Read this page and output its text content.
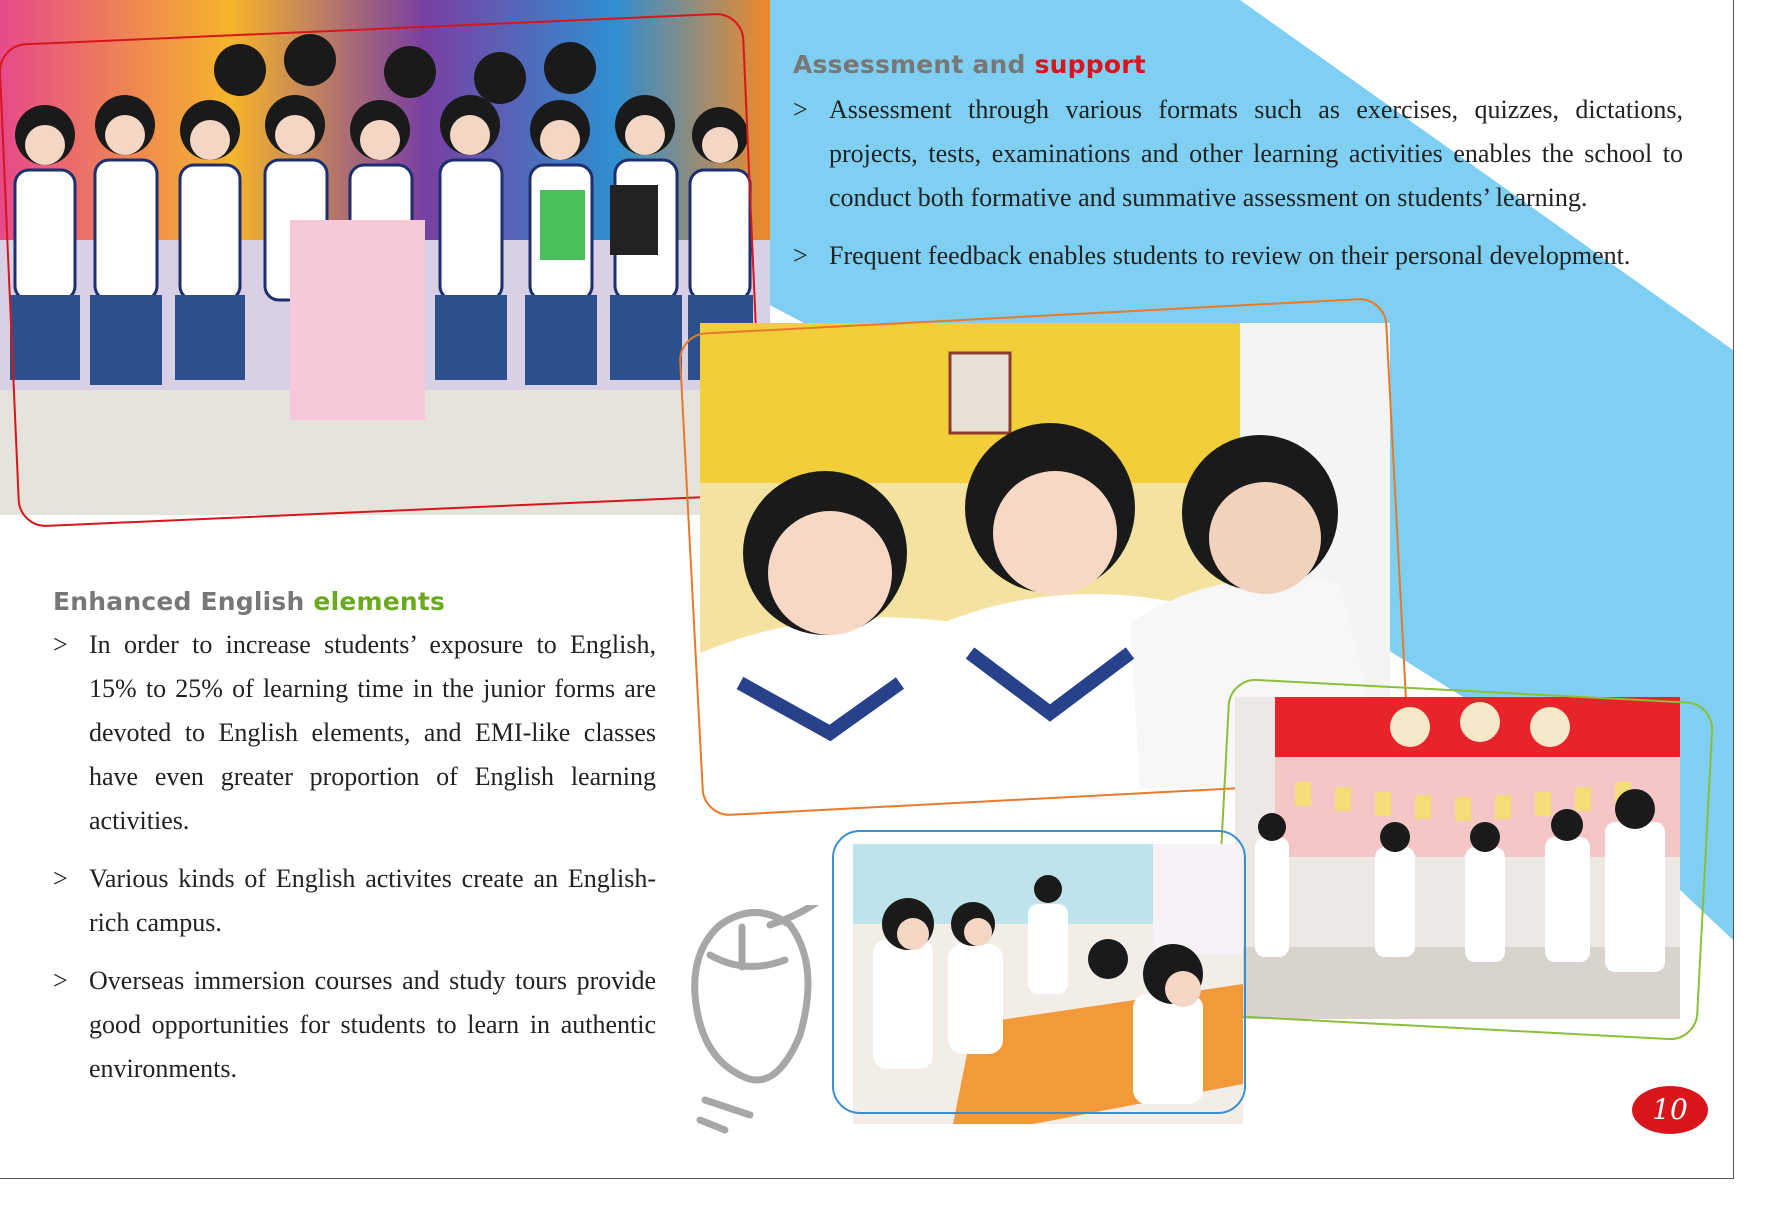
Assessment and support
> Assessment through various formats such as exercises, quizzes, dictations, projects, tests, examinations and other learning activities enables the school to conduct both formative and summative assessment on students’ learning.
> Frequent feedback enables students to review on their personal development.
Enhanced English elements
> In order to increase students’ exposure to English, 15% to 25% of learning time in the junior forms are devoted to English elements, and EMI-like classes have even greater proportion of English learning activities.
> Various kinds of English activites create an English-rich campus.
> Overseas immersion courses and study tours provide good opportunities for students to learn in authentic environments.
10
